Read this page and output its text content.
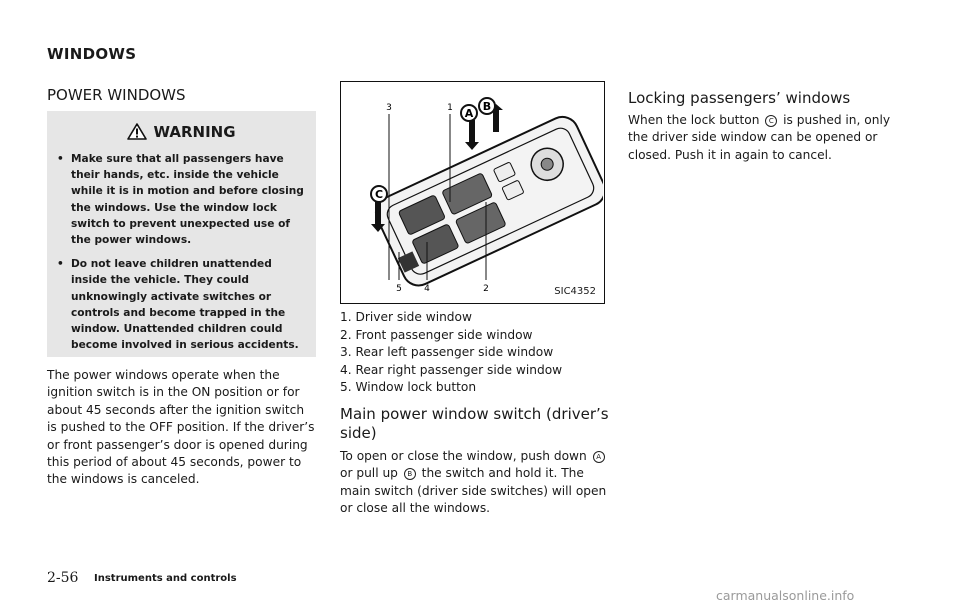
WINDOWS
POWER WINDOWS
WARNING
• Make sure that all passengers have their hands, etc. inside the vehicle while it is in motion and before closing the windows. Use the window lock switch to prevent unexpected use of the power windows.
• Do not leave children unattended inside the vehicle. They could unknowingly activate switches or controls and become trapped in the window. Unattended children could become involved in serious accidents.
The power windows operate when the ignition switch is in the ON position or for about 45 seconds after the ignition switch is pushed to the OFF position. If the driver’s or front passenger’s door is opened during this period of about 45 seconds, power to the windows is canceled.
A
B
C
3	1
5 4	2	SIC4352
1. Driver side window
2. Front passenger side window
3. Rear left passenger side window
4. Rear right passenger side window
5. Window lock button
Main power window switch (driver’s side)
To open or close the window, push down A or pull up B the switch and hold it. The main switch (driver side switches) will open or close all the windows.
Locking passengers’ windows
When the lock button C is pushed in, only the driver side window can be opened or closed. Push it in again to cancel.
2-56 Instruments and controls
carmanualsonline.info
